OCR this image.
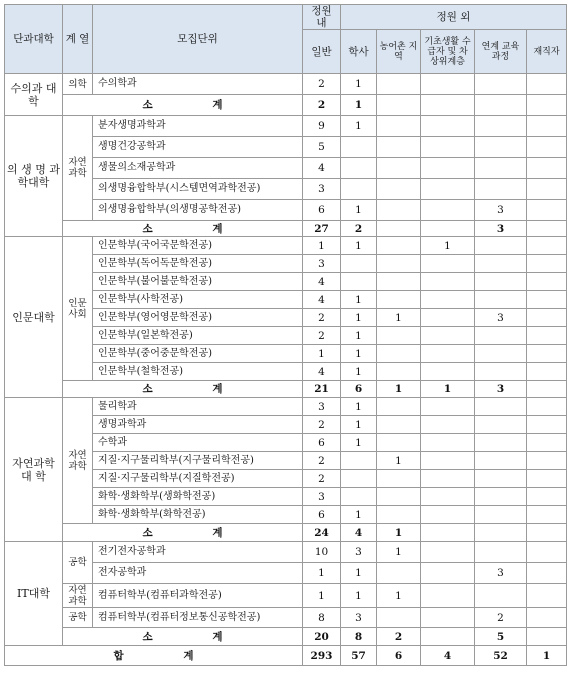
단과대학	계 열	모집단위	정원 내	정원 외				
			일반	학사	농어촌 지역	기초생활 수급자 및 차상위계층	연계 교육 과정	재직자
수의과 대학	의학	수의학과	2	1				
	소 계		2	1				
의 생 명 과학대학	자연 과학	분자생명과학과	9	1				
		생명건강공학과	5					
		생물의소재공학과	4					
		의생명융합학부(시스템면역과학전공)	3					
		의생명융합학부(의생명공학전공)	6	1			3	
	소 계		27	2			3	
인문대학	인문 사회	인문학부(국어국문학전공)	1	1		1		
		인문학부(독어독문학전공)	3					
		인문학부(불어불문학전공)	4					
		인문학부(사학전공)	4	1				
		인문학부(영어영문학전공)	2	1	1		3	
		인문학부(일본학전공)	2	1				
		인문학부(중어중문학전공)	1	1				
		인문학부(철학전공)	4	1				
	소 계		21	6	1	1	3	
자연과학 대 학	자연 과학	물리학과	3	1				
		생명과학과	2	1				
		수학과	6	1				
		지질·지구물리학부(지구물리학전공)	2		1			
		지질·지구물리학부(지질학전공)	2					
		화학·생화학부(생화학전공)	3					
		화학·생화학부(화학전공)	6	1				
	소 계		24	4	1			
IT대학	공학	전기전자공학과	10	3	1			
		전자공학과	1	1			3	
	자연 과학	컴퓨터학부(컴퓨터과학전공)	1	1	1			
	공학	컴퓨터학부(컴퓨터정보통신공학전공)	8	3			2	
	소 계		20	8	2		5	
합 계			293	57	6	4	52	1
